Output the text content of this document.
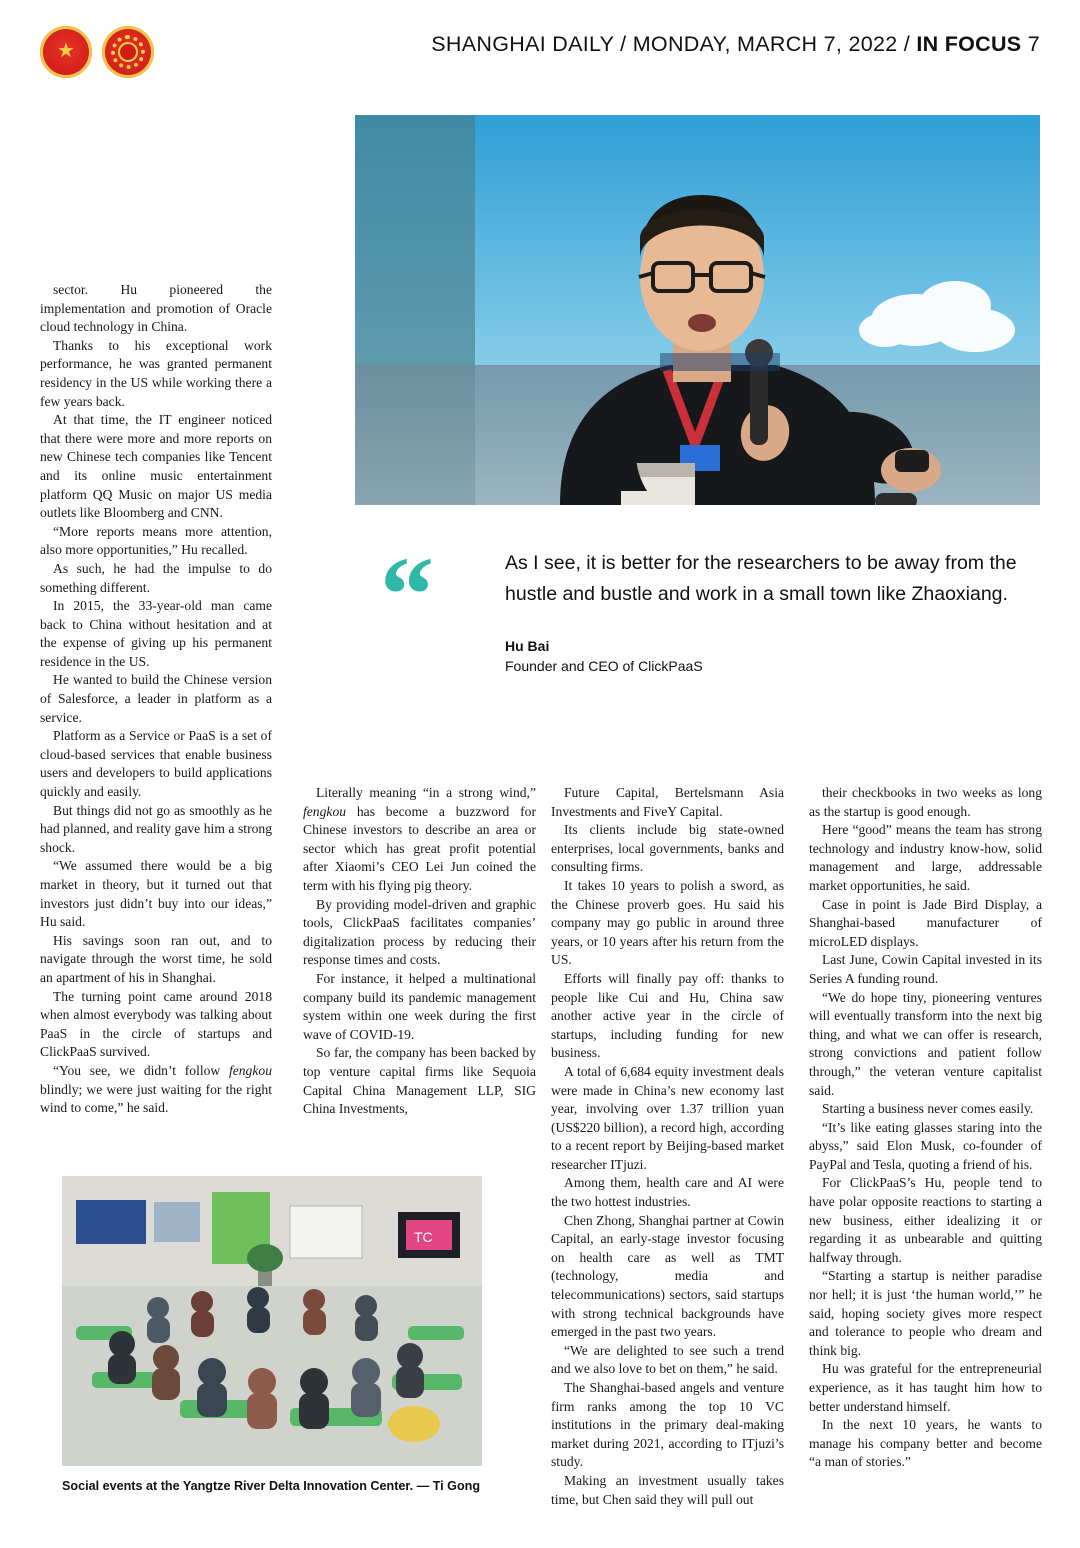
★	SHANGHAI DAILY / MONDAY, MARCH 7, 2022 / IN FOCUS 7
“	As I see, it is better for the researchers to be away from the hustle and bustle and work in a small town like Zhaoxiang.
Hu Bai
Founder and CEO of ClickPaaS

sector. Hu pioneered the implementation and promotion of Oracle cloud technology in China.

Thanks to his exceptional work performance, he was granted permanent residency in the US while working there a few years back.

At that time, the IT engineer noticed that there were more and more reports on new Chinese tech companies like Tencent and its online music entertainment platform QQ Music on major US media outlets like Bloomberg and CNN.

“More reports means more attention, also more opportunities,” Hu recalled.

As such, he had the impulse to do something different.

In 2015, the 33-year-old man came back to China without hesitation and at the expense of giving up his permanent residence in the US.

He wanted to build the Chinese version of Salesforce, a leader in platform as a service.

Platform as a Service or PaaS is a set of cloud-based services that enable business users and developers to build applications quickly and easily.

But things did not go as smoothly as he had planned, and reality gave him a strong shock.

“We assumed there would be a big market in theory, but it turned out that investors just didn’t buy into our ideas,” Hu said.

His savings soon ran out, and to navigate through the worst time, he sold an apartment of his in Shanghai.

The turning point came around 2018 when almost everybody was talking about PaaS in the circle of startups and ClickPaaS survived.

“You see, we didn’t follow fengkou blindly; we were just waiting for the right wind to come,” he said.

Literally meaning “in a strong wind,” fengkou has become a buzzword for Chinese investors to describe an area or sector which has great profit potential after Xiaomi’s CEO Lei Jun coined the term with his flying pig theory.

By providing model-driven and graphic tools, ClickPaaS facilitates companies’ digitalization process by reducing their response times and costs.

For instance, it helped a multinational company build its pandemic management system within one week during the first wave of COVID-19.

So far, the company has been backed by top venture capital firms like Sequoia Capital China Management LLP, SIG China Investments,

Future Capital, Bertelsmann Asia Investments and FiveY Capital.

Its clients include big state-owned enterprises, local governments, banks and consulting firms.

It takes 10 years to polish a sword, as the Chinese proverb goes. Hu said his company may go public in around three years, or 10 years after his return from the US.

Efforts will finally pay off: thanks to people like Cui and Hu, China saw another active year in the circle of startups, including funding for new business.

A total of 6,684 equity investment deals were made in China’s new economy last year, involving over 1.37 trillion yuan (US$220 billion), a record high, according to a recent report by Beijing-based market researcher ITjuzi.

Among them, health care and AI were the two hottest industries.

Chen Zhong, Shanghai partner at Cowin Capital, an early-stage investor focusing on health care as well as TMT (technology, media and telecommunications) sectors, said startups with strong technical backgrounds have emerged in the past two years.

“We are delighted to see such a trend and we also love to bet on them,” he said.

The Shanghai-based angels and venture firm ranks among the top 10 VC institutions in the primary deal-making market during 2021, according to ITjuzi’s study.

Making an investment usually takes time, but Chen said they will pull out

their checkbooks in two weeks as long as the startup is good enough.

Here “good” means the team has strong technology and industry know-how, solid management and large, addressable market opportunities, he said.

Case in point is Jade Bird Display, a Shanghai-based manufacturer of microLED displays.

Last June, Cowin Capital invested in its Series A funding round.

“We do hope tiny, pioneering ventures will eventually transform into the next big thing, and what we can offer is research, strong convictions and patient follow through,” the veteran venture capitalist said.

Starting a business never comes easily.

“It’s like eating glasses staring into the abyss,” said Elon Musk, co-founder of PayPal and Tesla, quoting a friend of his.

For ClickPaaS’s Hu, people tend to have polar opposite reactions to starting a new business, either idealizing it or regarding it as unbearable and quitting halfway through.

“Starting a startup is neither paradise nor hell; it is just ‘the human world,’” he said, hoping society gives more respect and tolerance to people who dream and think big.

Hu was grateful for the entrepreneurial experience, as it has taught him how to better understand himself.

In the next 10 years, he wants to manage his company better and become “a man of stories.”

TC
Social events at the Yangtze River Delta Innovation Center. — Ti Gong
